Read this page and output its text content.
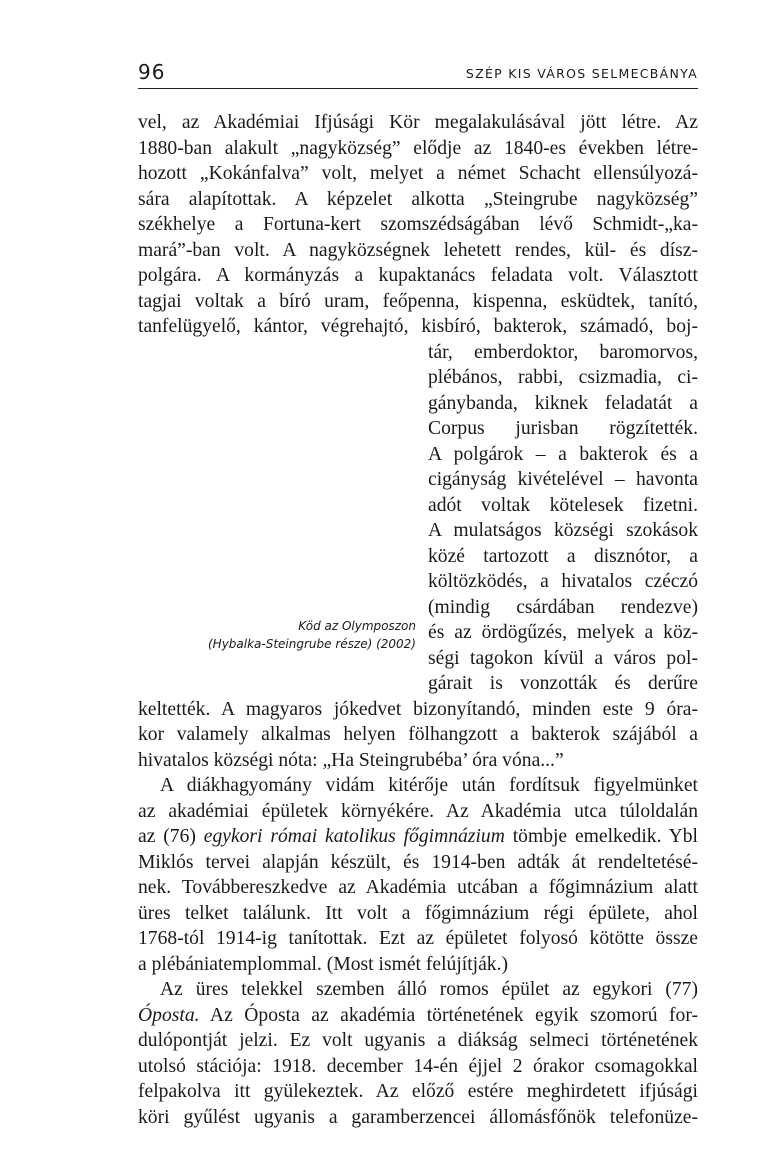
96	SZÉP KIS VÁROS SELMECBÁNYA
Köd az Olymposzon
(Hybalka-Steingrube része) (2002)
vel, az Akadémiai Ifjúsági Kör megalakulásával jött létre. Az
1880-ban alakult „nagyközség” elődje az 1840-es években létre-
hozott „Kokánfalva” volt, melyet a német Schacht ellensúlyozá-
sára alapítottak. A képzelet alkotta „Steingrube nagyközség”
székhelye a Fortuna-kert szomszédságában lévő Schmidt-„ka-
mará”-ban volt. A nagyközségnek lehetett rendes, kül- és dísz-
polgára. A kormányzás a kupaktanács feladata volt. Választott
tagjai voltak a bíró uram, feőpenna, kispenna, esküdtek, tanító,
tanfelügyelő, kántor, végrehajtó, kisbíró, bakterok, számadó, boj-
tár, emberdoktor, baromorvos,
plébános, rabbi, csizmadia, ci-
gánybanda, kiknek feladatát a
Corpus jurisban rögzítették.
A polgárok – a bakterok és a
cigányság kivételével – havonta
adót voltak kötelesek fizetni.
A mulatságos községi szokások
közé tartozott a disznótor, a
költözködés, a hivatalos czéczó
(mindig csárdában rendezve)
és az ördögűzés, melyek a köz-
ségi tagokon kívül a város pol-
gárait is vonzották és derűre
keltették. A magyaros jókedvet bizonyítandó, minden este 9 óra-
kor valamely alkalmas helyen fölhangzott a bakterok szájából a
hivatalos községi nóta: „Ha Steingrubéba’ óra vóna...”
A diákhagyomány vidám kitérője után fordítsuk figyelmünket
az akadémiai épületek környékére. Az Akadémia utca túloldalán
az (76) egykori római katolikus főgimnázium tömbje emelkedik. Ybl
Miklós tervei alapján készült, és 1914-ben adták át rendeltetésé-
nek. Továbbereszkedve az Akadémia utcában a főgimnázium alatt
üres telket találunk. Itt volt a főgimnázium régi épülete, ahol
1768-tól 1914-ig tanítottak. Ezt az épületet folyosó kötötte össze
a plébániatemplommal. (Most ismét felújítják.)
Az üres telekkel szemben álló romos épület az egykori (77)
Óposta. Az Óposta az akadémia történetének egyik szomorú for-
dulópontját jelzi. Ez volt ugyanis a diákság selmeci történetének
utolsó stációja: 1918. december 14-én éjjel 2 órakor csomagokkal
felpakolva itt gyülekeztek. Az előző estére meghirdetett ifjúsági
köri gyűlést ugyanis a garamberzencei állomásfőnök telefonüze-
